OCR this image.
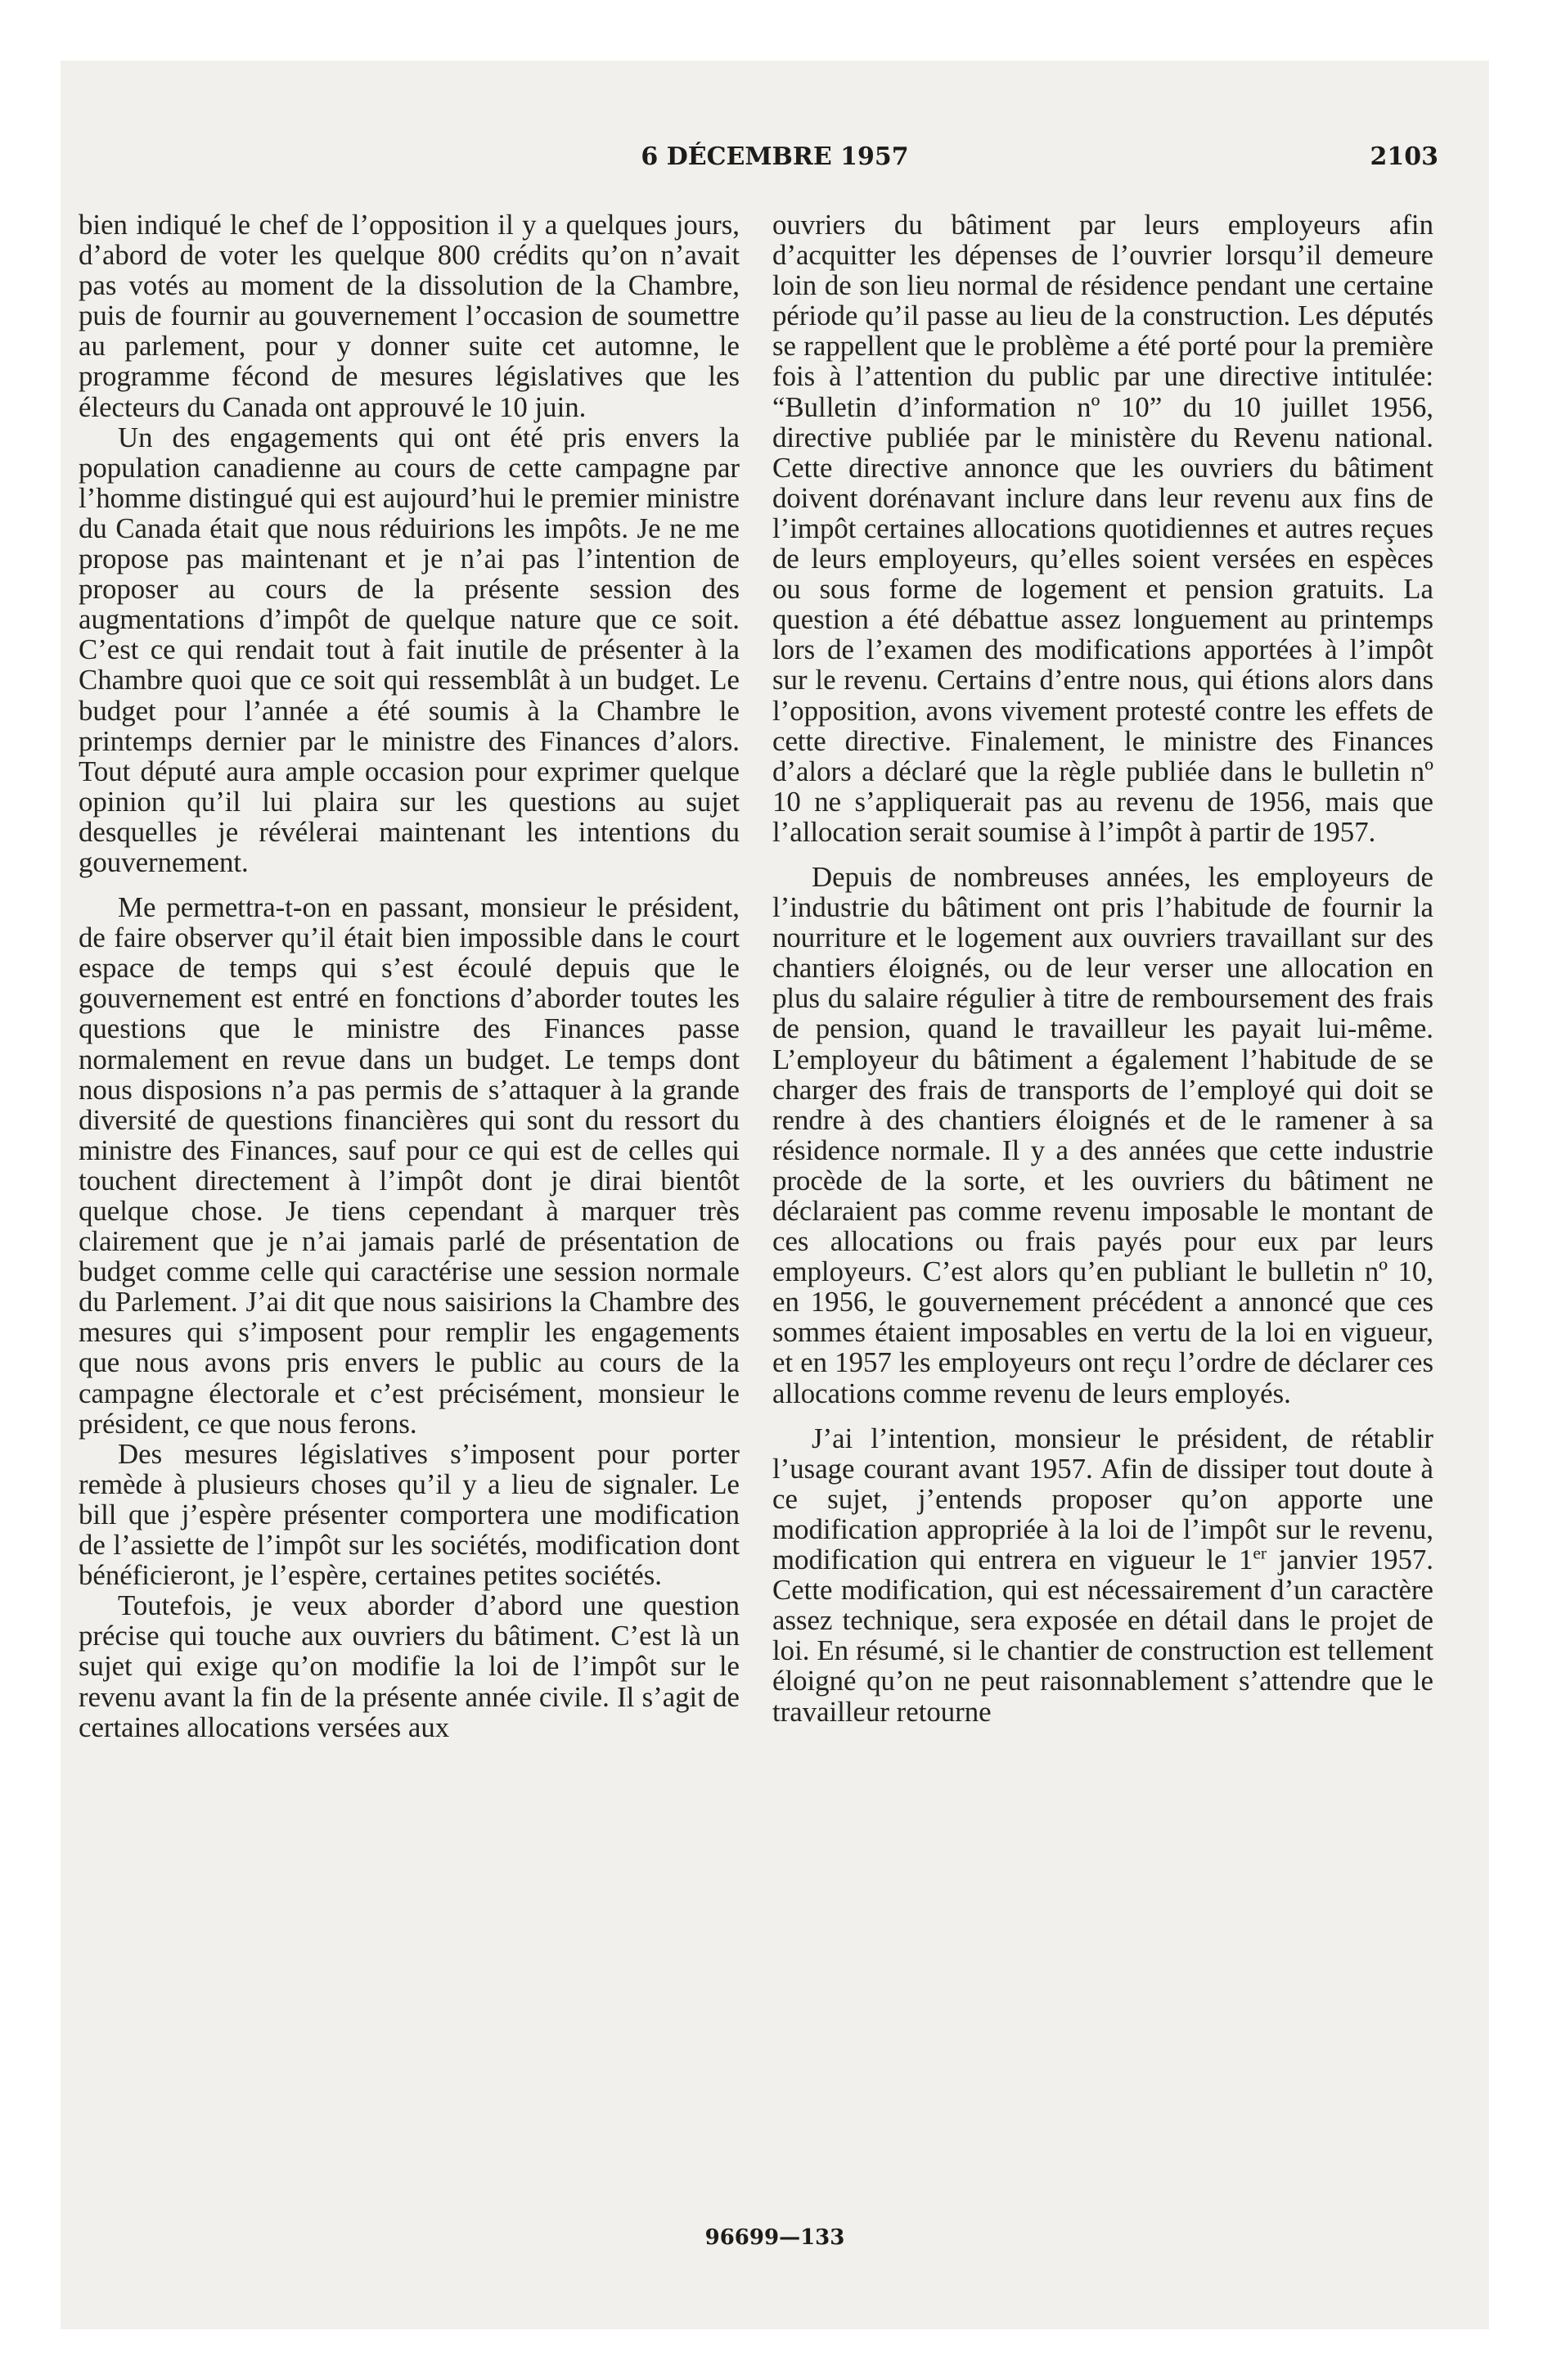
6 DÉCEMBRE 1957	2103

bien indiqué le chef de l’opposition il y a quelques jours, d’abord de voter les quelque 800 crédits qu’on n’avait pas votés au moment de la dissolution de la Chambre, puis de fournir au gouvernement l’occasion de soumettre au parlement, pour y donner suite cet automne, le programme fécond de mesures législatives que les électeurs du Canada ont approuvé le 10 juin.

Un des engagements qui ont été pris envers la population canadienne au cours de cette campagne par l’homme distingué qui est aujourd’hui le premier ministre du Canada était que nous réduirions les impôts. Je ne me propose pas maintenant et je n’ai pas l’intention de proposer au cours de la présente session des augmentations d’impôt de quelque nature que ce soit. C’est ce qui rendait tout à fait inutile de présenter à la Chambre quoi que ce soit qui ressemblât à un budget. Le budget pour l’année a été soumis à la Chambre le printemps dernier par le ministre des Finances d’alors. Tout député aura ample occasion pour exprimer quelque opinion qu’il lui plaira sur les questions au sujet desquelles je révélerai maintenant les intentions du gouvernement.

Me permettra-t-on en passant, monsieur le président, de faire observer qu’il était bien impossible dans le court espace de temps qui s’est écoulé depuis que le gouvernement est entré en fonctions d’aborder toutes les questions que le ministre des Finances passe normalement en revue dans un budget. Le temps dont nous disposions n’a pas permis de s’attaquer à la grande diversité de questions financières qui sont du ressort du ministre des Finances, sauf pour ce qui est de celles qui touchent directement à l’impôt dont je dirai bientôt quelque chose. Je tiens cependant à marquer très clairement que je n’ai jamais parlé de présentation de budget comme celle qui caractérise une session normale du Parlement. J’ai dit que nous saisirions la Chambre des mesures qui s’imposent pour remplir les engagements que nous avons pris envers le public au cours de la campagne électorale et c’est précisément, monsieur le président, ce que nous ferons.

Des mesures législatives s’imposent pour porter remède à plusieurs choses qu’il y a lieu de signaler. Le bill que j’espère présenter comportera une modification de l’assiette de l’impôt sur les sociétés, modification dont bénéficieront, je l’espère, certaines petites sociétés.

Toutefois, je veux aborder d’abord une question précise qui touche aux ouvriers du bâtiment. C’est là un sujet qui exige qu’on modifie la loi de l’impôt sur le revenu avant la fin de la présente année civile. Il s’agit de certaines allocations versées aux

ouvriers du bâtiment par leurs employeurs afin d’acquitter les dépenses de l’ouvrier lorsqu’il demeure loin de son lieu normal de résidence pendant une certaine période qu’il passe au lieu de la construction. Les députés se rappellent que le problème a été porté pour la première fois à l’attention du public par une directive intitulée: “Bulletin d’information nº 10” du 10 juillet 1956, directive publiée par le ministère du Revenu national. Cette directive annonce que les ouvriers du bâtiment doivent dorénavant inclure dans leur revenu aux fins de l’impôt certaines allocations quotidiennes et autres reçues de leurs employeurs, qu’elles soient versées en espèces ou sous forme de logement et pension gratuits. La question a été débattue assez longuement au printemps lors de l’examen des modifications apportées à l’impôt sur le revenu. Certains d’entre nous, qui étions alors dans l’opposition, avons vivement protesté contre les effets de cette directive. Finalement, le ministre des Finances d’alors a déclaré que la règle publiée dans le bulletin nº 10 ne s’appliquerait pas au revenu de 1956, mais que l’allocation serait soumise à l’impôt à partir de 1957.

Depuis de nombreuses années, les employeurs de l’industrie du bâtiment ont pris l’habitude de fournir la nourriture et le logement aux ouvriers travaillant sur des chantiers éloignés, ou de leur verser une allocation en plus du salaire régulier à titre de remboursement des frais de pension, quand le travailleur les payait lui-même. L’employeur du bâtiment a également l’habitude de se charger des frais de transports de l’employé qui doit se rendre à des chantiers éloignés et de le ramener à sa résidence normale. Il y a des années que cette industrie procède de la sorte, et les ouvriers du bâtiment ne déclaraient pas comme revenu imposable le montant de ces allocations ou frais payés pour eux par leurs employeurs. C’est alors qu’en publiant le bulletin nº 10, en 1956, le gouvernement précédent a annoncé que ces sommes étaient imposables en vertu de la loi en vigueur, et en 1957 les employeurs ont reçu l’ordre de déclarer ces allocations comme revenu de leurs employés.

J’ai l’intention, monsieur le président, de rétablir l’usage courant avant 1957. Afin de dissiper tout doute à ce sujet, j’entends proposer qu’on apporte une modification appropriée à la loi de l’impôt sur le revenu, modification qui entrera en vigueur le 1er janvier 1957. Cette modification, qui est nécessairement d’un caractère assez technique, sera exposée en détail dans le projet de loi. En résumé, si le chantier de construction est tellement éloigné qu’on ne peut raisonnablement s’attendre que le travailleur retourne

96699—133
